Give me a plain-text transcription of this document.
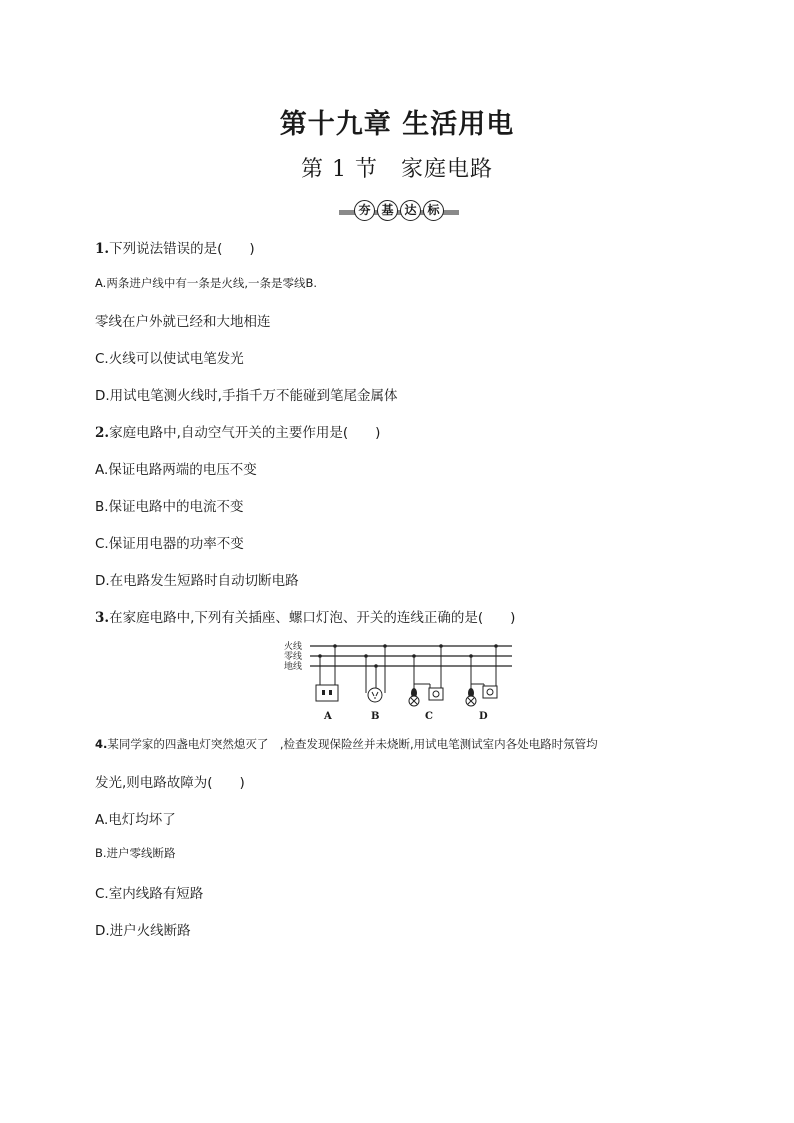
第十九章 生活用电
第 1 节　家庭电路
夯 基 达 标
1.下列说法错误的是(　　)
A.两条进户线中有一条是火线,一条是零线B.
零线在户外就已经和大地相连
C.火线可以使试电笔发光
D.用试电笔测火线时,手指千万不能碰到笔尾金属体
2.家庭电路中,自动空气开关的主要作用是(　　)
A.保证电路两端的电压不变
B.保证电路中的电流不变
C.保证用电器的功率不变
D.在电路发生短路时自动切断电路
3.在家庭电路中,下列有关插座、螺口灯泡、开关的连线正确的是(　　)
火线
零线
地线
A	B	C	D
4.某同学家的四盏电灯突然熄灭了　,检查发现保险丝并未烧断,用试电笔测试室内各处电路时氖管均
发光,则电路故障为(　　)
A.电灯均坏了
B.进户零线断路
C.室内线路有短路
D.进户火线断路
